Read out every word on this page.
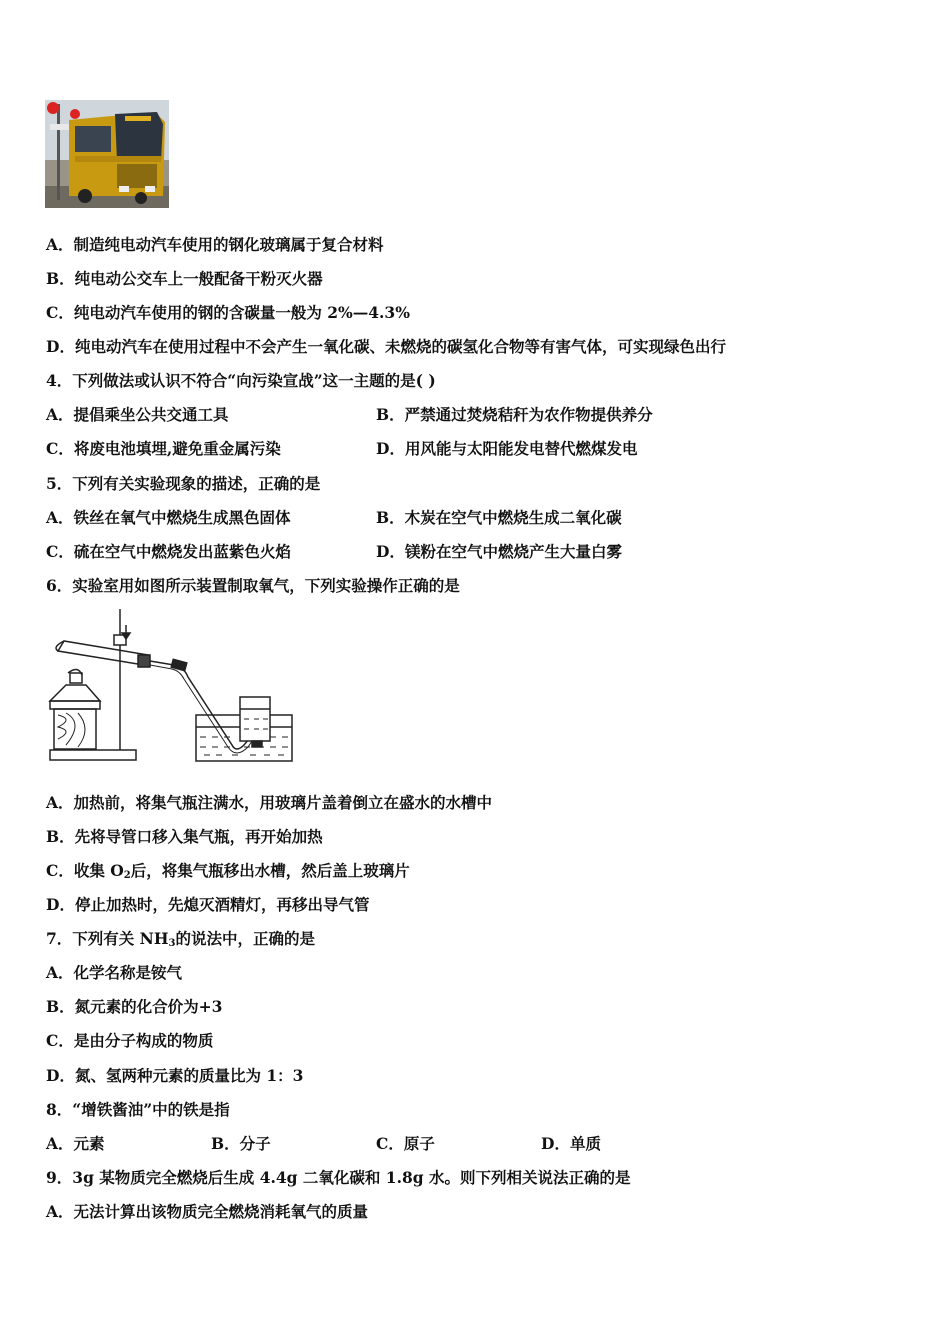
A．制造纯电动汽车使用的钢化玻璃属于复合材料
B．纯电动公交车上一般配备干粉灭火器
C．纯电动汽车使用的钢的含碳量一般为 2%—4.3%
D．纯电动汽车在使用过程中不会产生一氧化碳、未燃烧的碳氢化合物等有害气体，可实现绿色出行
4．下列做法或认识不符合“向污染宣战”这一主题的是( )
A．提倡乘坐公共交通工具	B．严禁通过焚烧秸秆为农作物提供养分
C．将废电池填埋,避免重金属污染	D．用风能与太阳能发电替代燃煤发电
5．下列有关实验现象的描述，正确的是
A．铁丝在氧气中燃烧生成黑色固体	B．木炭在空气中燃烧生成二氧化碳
C．硫在空气中燃烧发出蓝紫色火焰	D．镁粉在空气中燃烧产生大量白雾
6．实验室用如图所示装置制取氧气，下列实验操作正确的是
A．加热前，将集气瓶注满水，用玻璃片盖着倒立在盛水的水槽中
B．先将导管口移入集气瓶，再开始加热
C．收集 $O_2$后，将集气瓶移出水槽，然后盖上玻璃片
D．停止加热时，先熄灭酒精灯，再移出导气管
7．下列有关 $NH_3$的说法中，正确的是
A．化学名称是铵气
B．氮元素的化合价为+3
C．是由分子构成的物质
D．氮、氢两种元素的质量比为 1：3
8．“增铁酱油”中的铁是指
A．元素	B．分子	C．原子	D．单质
9．3g 某物质完全燃烧后生成 4.4g 二氧化碳和 1.8g 水。则下列相关说法正确的是
A．无法计算出该物质完全燃烧消耗氧气的质量
